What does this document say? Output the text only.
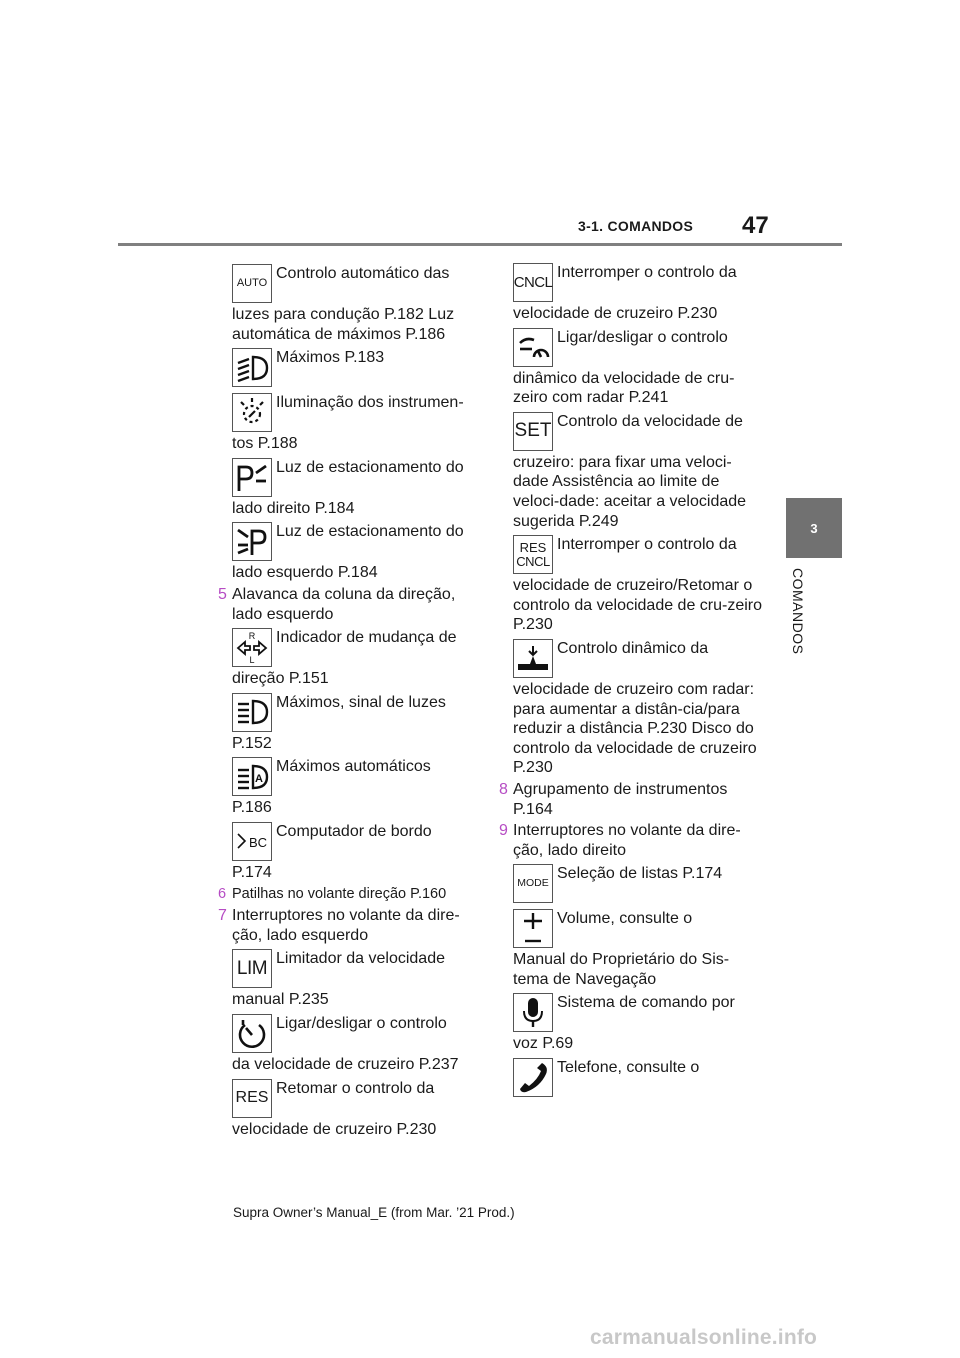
3-1. COMANDOS 47
3
COMANDOS
AUTO
Controlo automático das
luzes para condução P.182 Luz automática de máximos P.186
Máximos P.183
Iluminação dos instrumen-
tos P.188
Luz de estacionamento do
lado direito P.184
Luz de estacionamento do
lado esquerdo P.184
5 Alavanca da coluna da direção, lado esquerdo
R
L
Indicador de mudança de
direção P.151
Máximos, sinal de luzes
P.152
A
Máximos automáticos
P.186
BC
Computador de bordo
P.174
6 Patilhas no volante direção P.160
7 Interruptores no volante da dire-ção, lado esquerdo
LIM Limitador da velocidade
manual P.235
Ligar/desligar o controlo
da velocidade de cruzeiro P.237
RES
Retomar o controlo da
velocidade de cruzeiro P.230
CNCL
Interromper o controlo da
velocidade de cruzeiro P.230
Ligar/desligar o controlo
dinâmico da velocidade de cru-zeiro com radar P.241
SET Controlo da velocidade de
cruzeiro: para fixar uma veloci-dade Assistência ao limite de veloci-dade: aceitar a velocidade sugerida P.249
RES
CNCL
Interromper o controlo da
velocidade de cruzeiro/Retomar o controlo da velocidade de cru-zeiro P.230
Controlo dinâmico da
velocidade de cruzeiro com radar: para aumentar a distân-cia/para reduzir a distância P.230 Disco do controlo da velocidade de cruzeiro P.230
8 Agrupamento de instrumentos P.164
9 Interruptores no volante da dire-ção, lado direito
MODE
Seleção de listas P.174
Volume, consulte o
Manual do Proprietário do Sis-tema de Navegação
Sistema de comando por
voz P.69
Telefone, consulte o
Supra Owner’s Manual_E (from Mar. ’21 Prod.)
carmanualsonline.info
